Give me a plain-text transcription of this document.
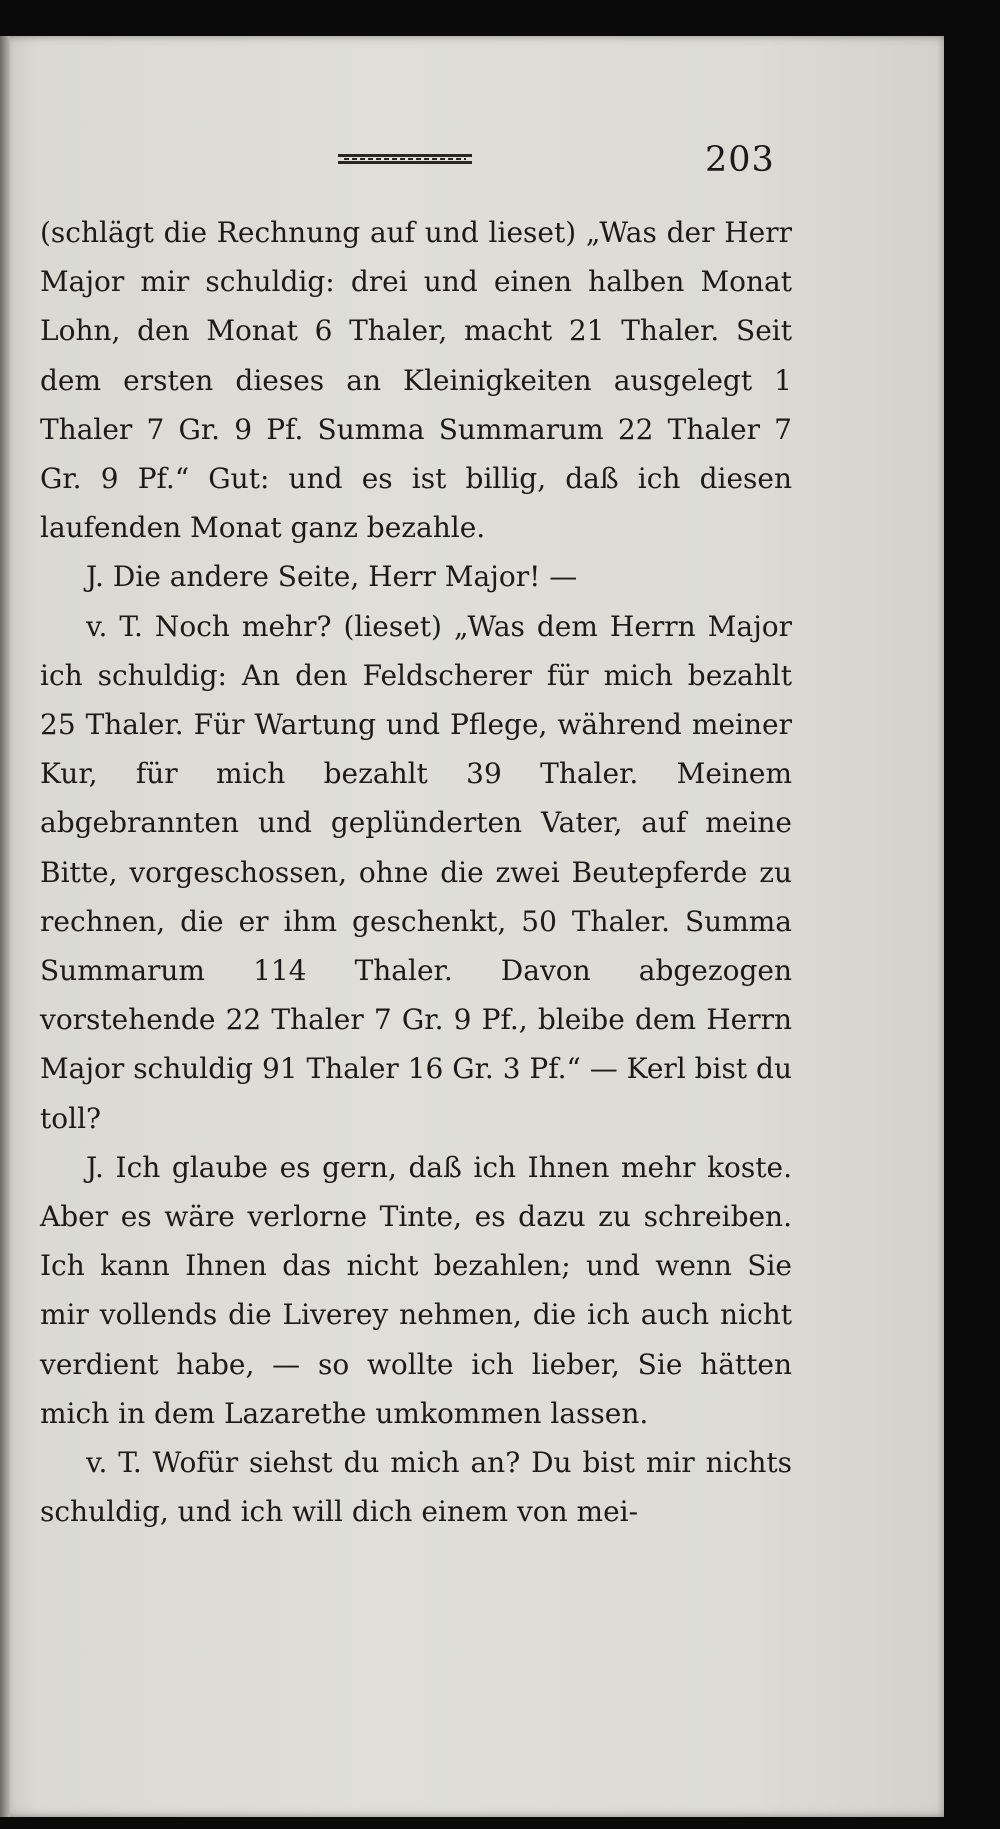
203

(schlägt die Rechnung auf und lieset) „Was der Herr Major mir schuldig: drei und einen halben Monat Lohn, den Monat 6 Thaler, macht 21 Thaler. Seit dem ersten dieses an Kleinigkeiten ausgelegt 1 Thaler 7 Gr. 9 Pf. Summa Summarum 22 Thaler 7 Gr. 9 Pf.“ Gut: und es ist billig, daß ich diesen laufenden Monat ganz bezahle.

J. Die andere Seite, Herr Major! —

v. T. Noch mehr? (lieset) „Was dem Herrn Major ich schuldig: An den Feldscherer für mich bezahlt 25 Thaler. Für Wartung und Pflege, während meiner Kur, für mich bezahlt 39 Thaler. Meinem abgebrannten und geplünderten Vater, auf meine Bitte, vorgeschossen, ohne die zwei Beutepferde zu rechnen, die er ihm geschenkt, 50 Thaler. Summa Summarum 114 Thaler. Davon abgezogen vorstehende 22 Thaler 7 Gr. 9 Pf., bleibe dem Herrn Major schuldig 91 Thaler 16 Gr. 3 Pf.“ — Kerl bist du toll?

J. Ich glaube es gern, daß ich Ihnen mehr koste. Aber es wäre verlorne Tinte, es dazu zu schreiben. Ich kann Ihnen das nicht bezahlen; und wenn Sie mir vollends die Liverey nehmen, die ich auch nicht verdient habe, — so wollte ich lieber, Sie hätten mich in dem Lazarethe umkommen lassen.

v. T. Wofür siehst du mich an? Du bist mir nichts schuldig, und ich will dich einem von mei-
